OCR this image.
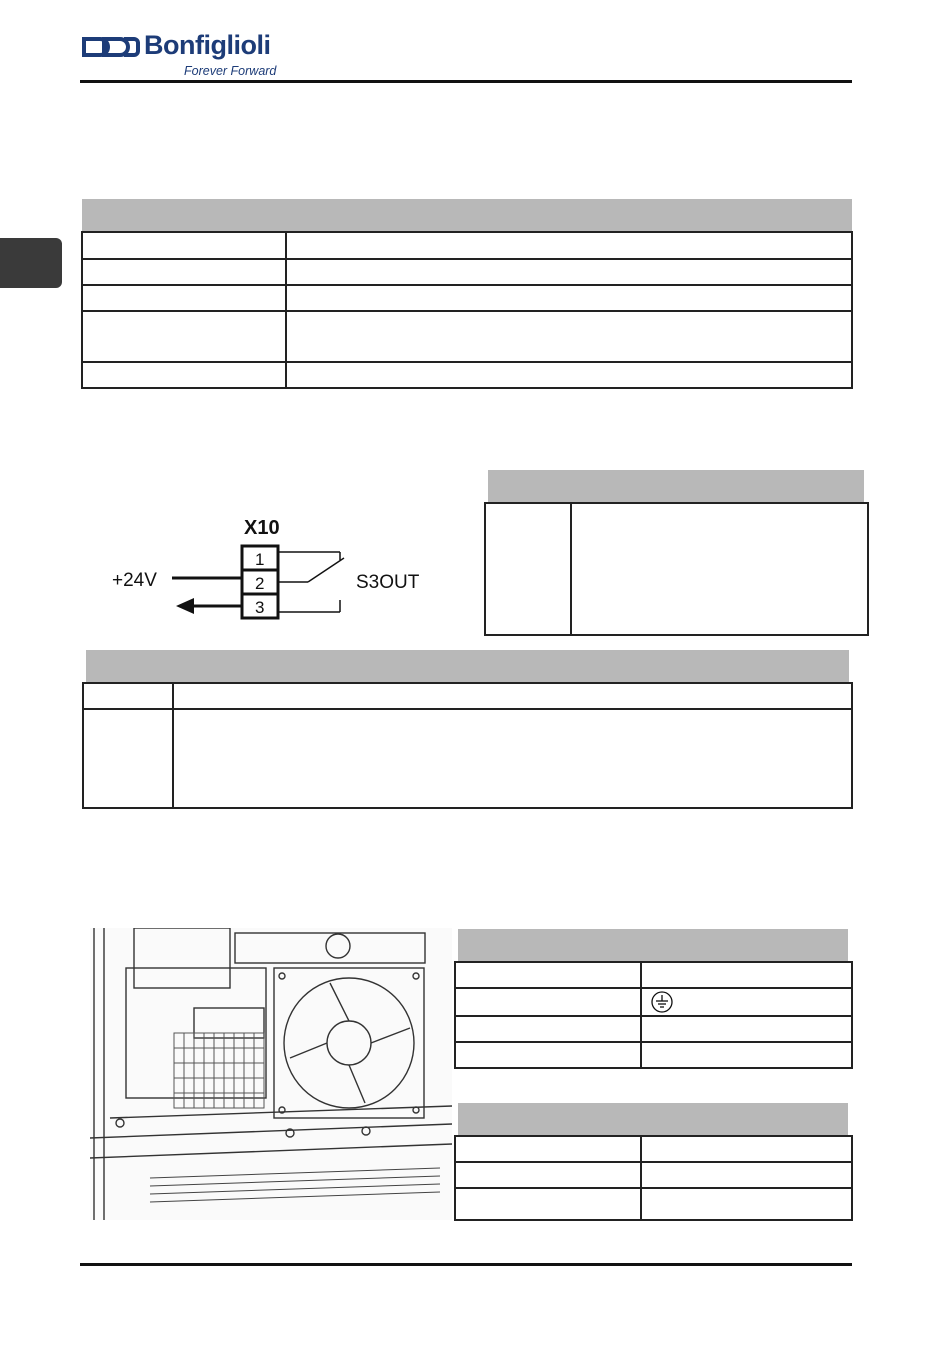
Bonfiglioli
Forever Forward

X10
1
2
3
+24V	S3OUT
